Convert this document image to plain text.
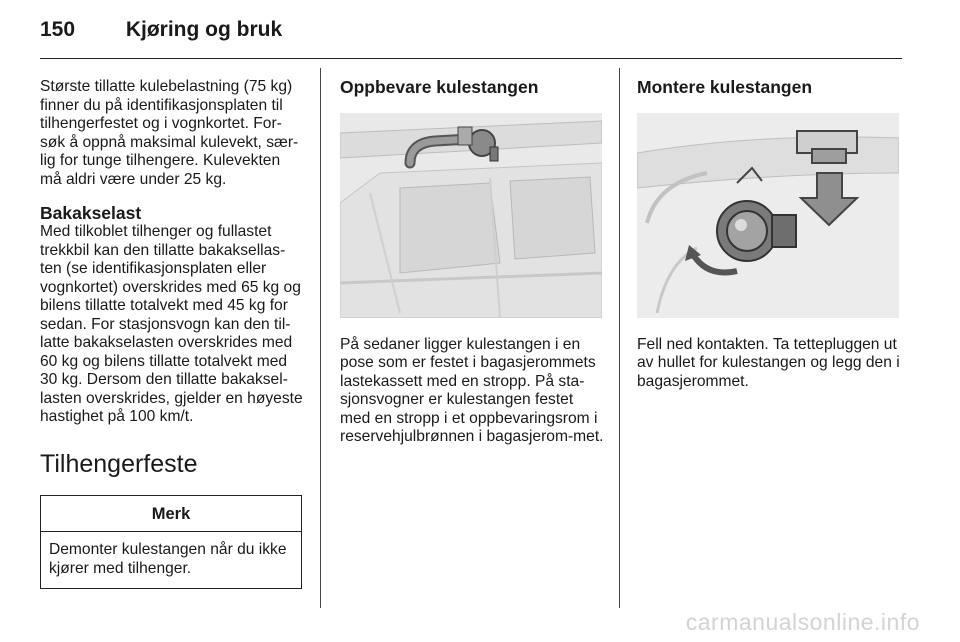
150 Kjøring og bruk

Største tillatte kulebelastning (75 kg) finner du på identifikasjonsplaten til tilhengerfestet og i vognkortet. For-søk å oppnå maksimal kulevekt, sær-lig for tunge tilhengere. Kulevekten må aldri være under 25 kg.

Bakakselast

Med tilkoblet tilhenger og fullastet trekkbil kan den tillatte bakaksellas-ten (se identifikasjonsplaten eller vognkortet) overskrides med 65 kg og bilens tillatte totalvekt med 45 kg for sedan. For stasjonsvogn kan den til-latte bakakselasten overskrides med 60 kg og bilens tillatte totalvekt med 30 kg. Dersom den tillatte bakaksel-lasten overskrides, gjelder en høyeste hastighet på 100 km/t.

Tilhengerfeste
Merk
Demonter kulestangen når du ikke kjører med tilhenger.
Oppbevare kulestangen

På sedaner ligger kulestangen i en pose som er festet i bagasjerommets lastekassett med en stropp. På sta-sjonsvogner er kulestangen festet med en stropp i et oppbevaringsrom i reservehjulbrønnen i bagasjerom-met.

Montere kulestangen

Fell ned kontakten. Ta tettepluggen ut av hullet for kulestangen og legg den i bagasjerommet.

carmanualsonline.info
